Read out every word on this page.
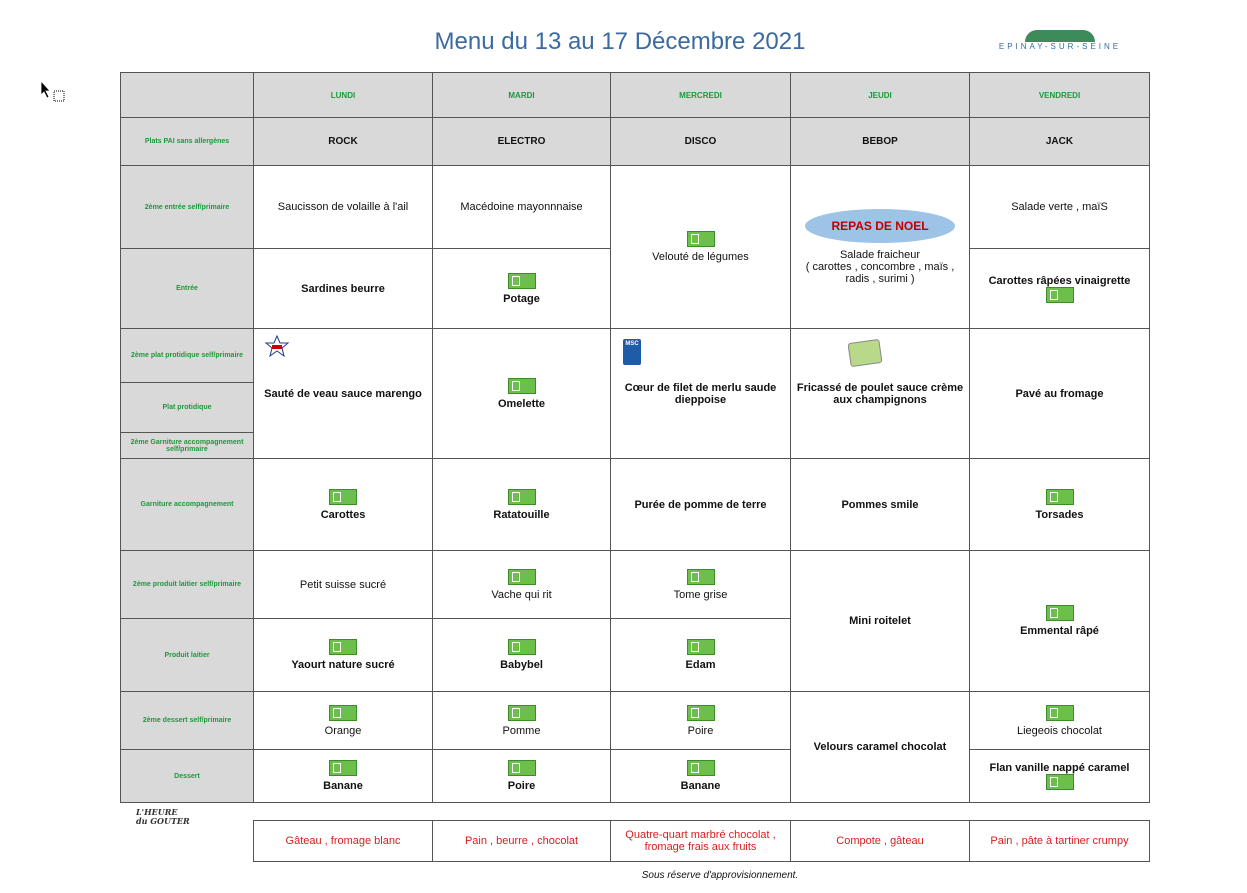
Menu du 13 au 17 Décembre 2021	EPINAY-SUR-SEINE
	LUNDI	MARDI	MERCREDI	JEUDI	VENDREDI
Plats PAI sans allergènes	ROCK	ELECTRO	DISCO	BEBOP	JACK
2ème entrée self/primaire	Saucisson de volaille à l'ail	Macédoine mayonnnaise	Velouté de légumes	REPAS DE NOEL
Salade fraicheur
( carottes , concombre , maïs , radis , surimi )	Salade verte , maïS
Entrée	Sardines beurre	Potage			Carottes râpées vinaigrette
2ème plat protidique self/primaire	Sauté de veau sauce marengo	Omelette	MSC
Cœur de filet de merlu saude dieppoise	Fricassé de poulet sauce crème aux champignons	Pavé au fromage
Plat protidique					
2ème Garniture accompagnement self/primaire					
Garniture accompagnement	Carottes	Ratatouille	Purée de pomme de terre	Pommes smile	Torsades
2ème produit laitier self/primaire	Petit suisse sucré	Vache qui rit	Tome grise	Mini roitelet	Emmental râpé
Produit laitier	Yaourt nature sucré	Babybel	Edam		
2ème dessert self/primaire	Orange	Pomme	Poire	Velours caramel chocolat	Liegeois chocolat
Dessert	Banane	Poire	Banane		Flan vanille nappé caramel
L'HEURE du GOUTER
Gâteau , fromage blanc	Pain , beurre , chocolat	Quatre-quart marbré chocolat , fromage frais aux fruits	Compote , gâteau	Pain , pâte à tartiner crumpy
Sous réserve d'approvisionnement.
